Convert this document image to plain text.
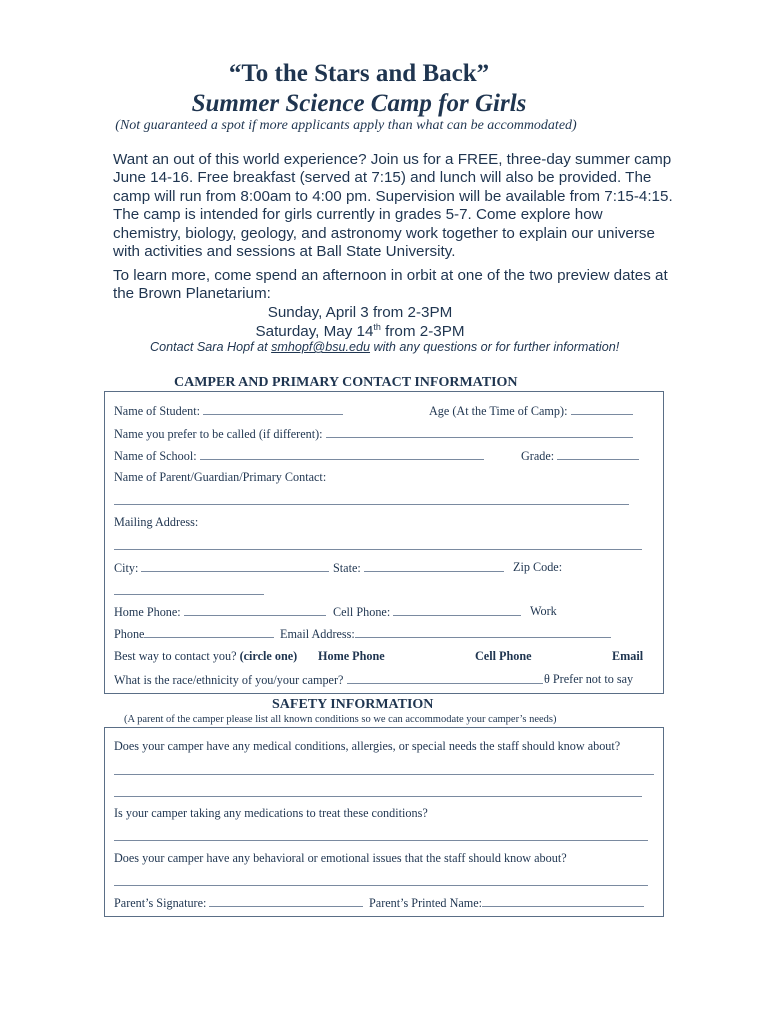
“To the Stars and Back”
Summer Science Camp for Girls
(Not guaranteed a spot if more applicants apply than what can be accommodated)

Want an out of this world experience? Join us for a FREE, three-day summer camp June 14-16. Free breakfast (served at 7:15) and lunch will also be provided. The camp will run from 8:00am to 4:00 pm. Supervision will be available from 7:15-4:15. The camp is intended for girls currently in grades 5-7. Come explore how chemistry, biology, geology, and astronomy work together to explain our universe with activities and sessions at Ball State University.

To learn more, come spend an afternoon in orbit at one of the two preview dates at the Brown Planetarium:

Sunday, April 3 from 2-3PM
Saturday, May 14th from 2-3PM
Contact Sara Hopf at smhopf@bsu.edu with any questions or for further information!
CAMPER AND PRIMARY CONTACT INFORMATION
Name of Student:	Age (At the Time of Camp):
Name you prefer to be called (if different):
Name of School:	Grade:
Name of Parent/Guardian/Primary Contact:
Mailing Address:
City:	State:	Zip Code:
Home Phone:	Cell Phone:	Work
Phone	Email Address:
Best way to contact you? (circle one) Home Phone	Cell Phone	Email
What is the race/ethnicity of you/your camper?	θ Prefer not to say
SAFETY INFORMATION
(A parent of the camper please list all known conditions so we can accommodate your camper’s needs)
Does your camper have any medical conditions, allergies, or special needs the staff should know about?
Is your camper taking any medications to treat these conditions?
Does your camper have any behavioral or emotional issues that the staff should know about?
Parent’s Signature:	Parent’s Printed Name:
